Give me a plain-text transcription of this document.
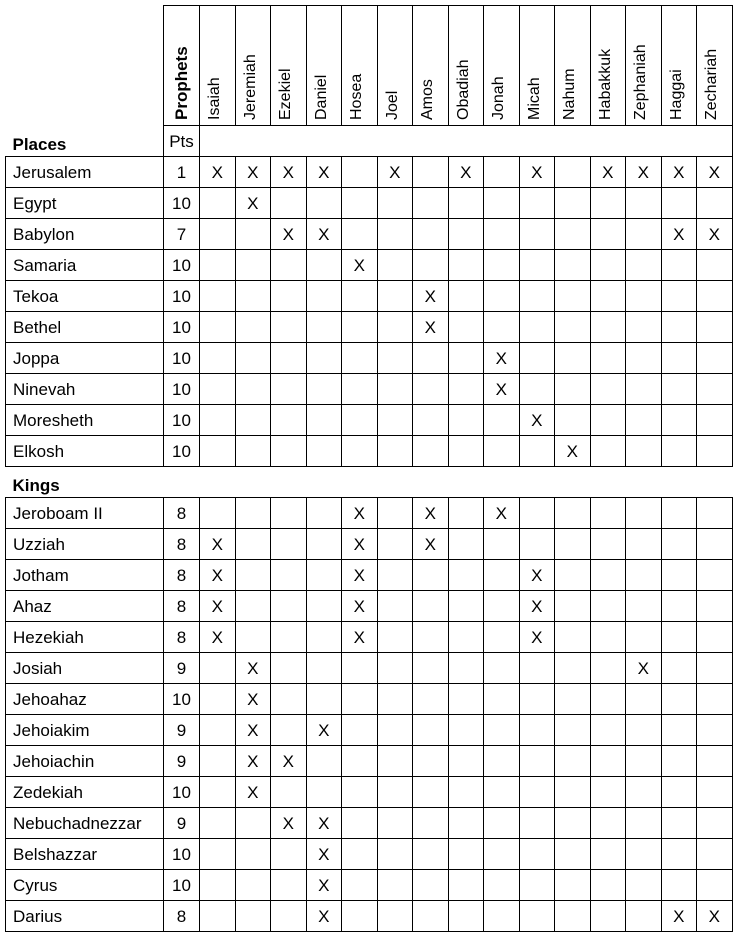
	Prophets	Isaiah	Jeremiah	Ezekiel	Daniel	Hosea	Joel	Amos	Obadiah	Jonah	Micah	Nahum	Habakkuk	Zephaniah	Haggai	Zechariah

Places	Pts															
Jerusalem	1	X	X	X	X		X		X		X		X	X	X	X
Egypt	10		X													
Babylon	7			X	X										X	X
Samaria	10					X										
Tekoa	10							X								
Bethel	10							X								
Joppa	10									X						
Ninevah	10									X						
Moresheth	10										X					
Elkosh	10											X				
Kings																
Jeroboam II	8					X		X		X						
Uzziah	8	X				X		X								
Jotham	8	X				X					X					
Ahaz	8	X				X					X					
Hezekiah	8	X				X					X					
Josiah	9		X											X		
Jehoahaz	10		X													
Jehoiakim	9		X		X											
Jehoiachin	9		X	X												
Zedekiah	10		X													
Nebuchadnezzar	9			X	X											
Belshazzar	10				X											
Cyrus	10				X											
Darius	8				X										X	X
